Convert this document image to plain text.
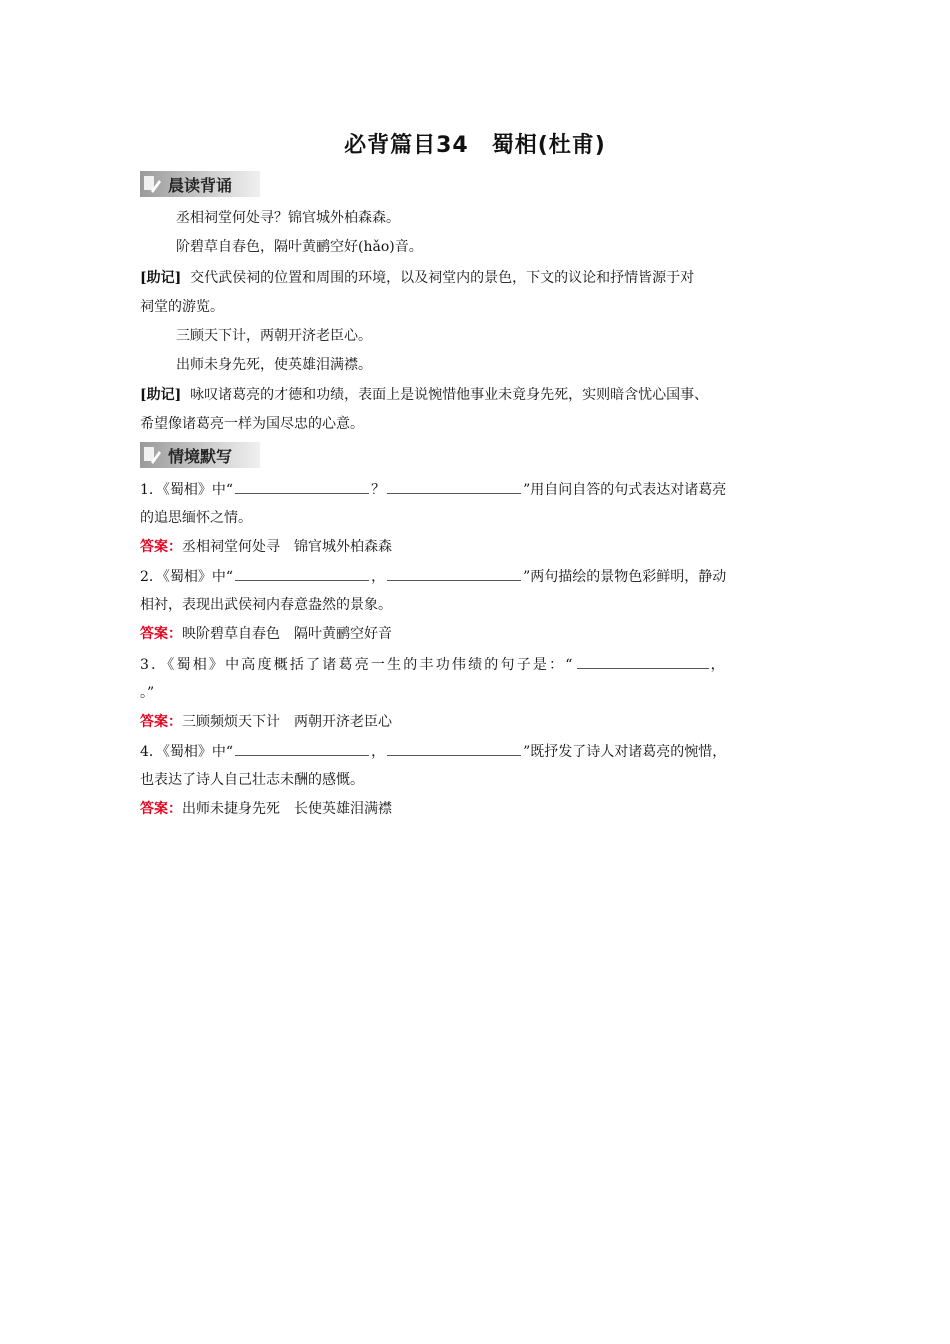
必背篇目34　蜀相(杜甫)
晨读背诵
丞相祠堂何处寻？锦官城外柏森森。
阶碧草自春色，隔叶黄鹂空好(hǎo)音。
[助记] 交代武侯祠的位置和周围的环境，以及祠堂内的景色，下文的议论和抒情皆源于对
祠堂的游览。
三顾天下计，两朝开济老臣心。
出师未身先死，使英雄泪满襟。
[助记] 咏叹诸葛亮的才德和功绩，表面上是说惋惜他事业未竟身先死，实则暗含忧心国事、
希望像诸葛亮一样为国尽忠的心意。
情境默写
1．《蜀相》中“	？	”用自问自答的句式表达对诸葛亮
的追思缅怀之情。
答案：丞相祠堂何处寻　锦官城外柏森森
2．《蜀相》中“	，	”两句描绘的景物色彩鲜明，静动
相衬，表现出武侯祠内春意盎然的景象。
答案：映阶碧草自春色　隔叶黄鹂空好音
3．《蜀相》中高度概括了诸葛亮一生的丰功伟绩的句子是：“	，
。”
答案：三顾频烦天下计　两朝开济老臣心
4．《蜀相》中“	，	”既抒发了诗人对诸葛亮的惋惜，
也表达了诗人自己壮志未酬的感慨。
答案：出师未捷身先死　长使英雄泪满襟
